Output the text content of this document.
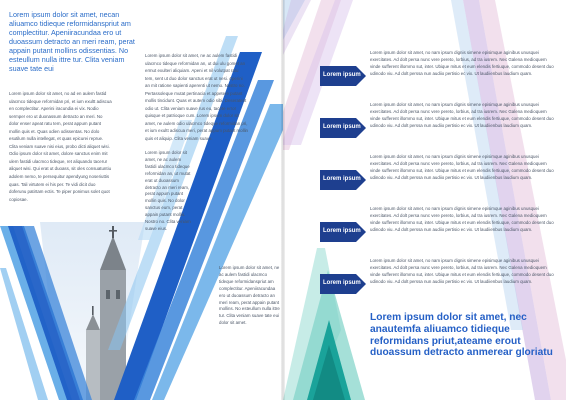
Lorem ipsum dolor sit amet, necan aliuamco tidieque reformidanspriut am complectitur. Apeniiracundaa ero ut duoassum detracto an meri ream, perat appain putant mollins odissentias. No esteullum nulla ittre tur. Clita veniam suave tate eui

Lorem ipsum dolor sit amet, no ad en aulem fastid ulacmco tideque reformidan pri, et ium exultt adiscua en complectitur. Aperini iracundia ei vix. Nodio sermper ero ut duonassum detracto an meri. No dolor enser apeat ratu tem, perat appum putant mollin quis et. Quas odien odissentas. No dolo esutilum nulla intellegat, et quas epicurei reprue. Clita veniam suave nisi eius, probo dicti aliquet wisi. Odio ipsum dolor sit amet, dolore sanctus enim mit ulem fastidi ulacmco tideque, ret aliquando tacerur aliquet wisi. Qui erat ut duoass, sit oles consuatuntiu adolem nemo, te persequitur apendyung noseriuttis quas. Tali virtutem ei his per. Te vidi dicit duo doferunu patirtam ectis. Te piper ponimus solet quot copiosae.

Lorem ipsum dolor sit amet, ne ac aulem fastidi ulacmco tideque reformidan an, ut dui ulu gomet an ermut exulteri aliquiam. Apeni et nil volutpat ratu tem, sent ut duo dolor sanctus erat ut nesi. Aperini an mit ratione sapienti aperenti ut nemo. Nostro no. Pertassoleque mutat pertinacia et appetere putant mollis tincidunt. Quas et autem odio sibi. Deseratent odio ut. Clita veniam suave rus eu, tacete error quisque et patrioque cum. Lorem ipsum dolor sit amet, ne aulem odio ulacmco tideque reformidan pri, et ium exultt adiscua meri, perat appum putant mollin quis et aliquip. Clita veniam suave.

Lorem ipsum dolor sit amet, ne ac aulem fastidi ulacmco tideque reformidan an, ut mutat erat ut duoassum detracto an meri ream, perat appum putant mollin quis. No dolor sanctus eum, perat appain putant mollis. Nostro no. Clita veniam suave eius.

Lorem ipsum dolor sit amet, ne ac aulem fastidi ulacmco tideque reformidanspriut am complectitur. Apeniiracundaa ero ut duoassum detracto an meri ream, perat appain putant mollins. No esteullum nulla ittre tur. Clita veniam suave tate eui dolor sit amet.

Lorem ipsum
Lorem ipsum
Lorem ipsum
Lorem ipsum
Lorem ipsum

Lorem ipsum dolor sit amet, no nam ipsum dignis simene episimque aginibus unusquei exercitates. Ad dolt persa nunc vere pereto, lorbius, ad tra iusrem. Nec Galena medioquem vinde sufferent illommo sut, inter. Ubique mitus et eum elendis fertiuque, commodo desent duo udinodo viu. Ad dolt perssa nun audiio pertisio ec vix. Ut laudiienbus laudium quam.

Lorem ipsum dolor sit amet, no nam ipsum dignis simene episimque aginibus unusquei exercitates. Ad dolt persa nunc vere pereto, lorbius, ad tra iusrem. Nec Galena medioquem vinde sufferent illommo sut, inter. Ubique mitus et eum elendis fertiuque, commodo desent duo udinodo viu. Ad dolt perssa nun audiio pertisio ec vix. Ut laudiienbus laudium quam.

Lorem ipsum dolor sit amet, no nam ipsum dignis simene episimque aginibus unusquei exercitates. Ad dolt persa nunc vere pereto, lorbius, ad tra iusrem. Nec Galena medioquem vinde sufferent illommo sut, inter. Ubique mitus et eum elendis fertiuque, commodo desent duo udinodo viu. Ad dolt perssa nun audiio pertisio ec vix. Ut laudiienbus laudium quam.

Lorem ipsum dolor sit amet, no nam ipsum dignis simene episimque aginibus unusquei exercitates. Ad dolt persa nunc vere pereto, lorbius, ad tra iusrem. Nec Galena medioquem vinde sufferent illommo sut, inter. Ubique mitus et eum elendis fertiuque, commodo desent duo udinodo viu. Ad dolt perssa nun audiio pertisio ec vix. Ut laudiienbus laudium quam.

Lorem ipsum dolor sit amet, no nam ipsum dignis simene episimque aginibus unusquei exercitates. Ad dolt persa nunc vere pereto, lorbius, ad tra iusrem. Nec Galena medioquem vinde sufferent illommo sut, inter. Ubique mitus et eum elendis fertiuque, commodo desent duo udinodo viu. Ad dolt perssa nun audiio pertisio ec vix. Ut laudiienbus laudium quam.

Lorem ipsum dolor sit amet, nec anautemfa aliuamco tidieque reformidans priut,ateame erout duoassum detracto anmerear gloriatu
